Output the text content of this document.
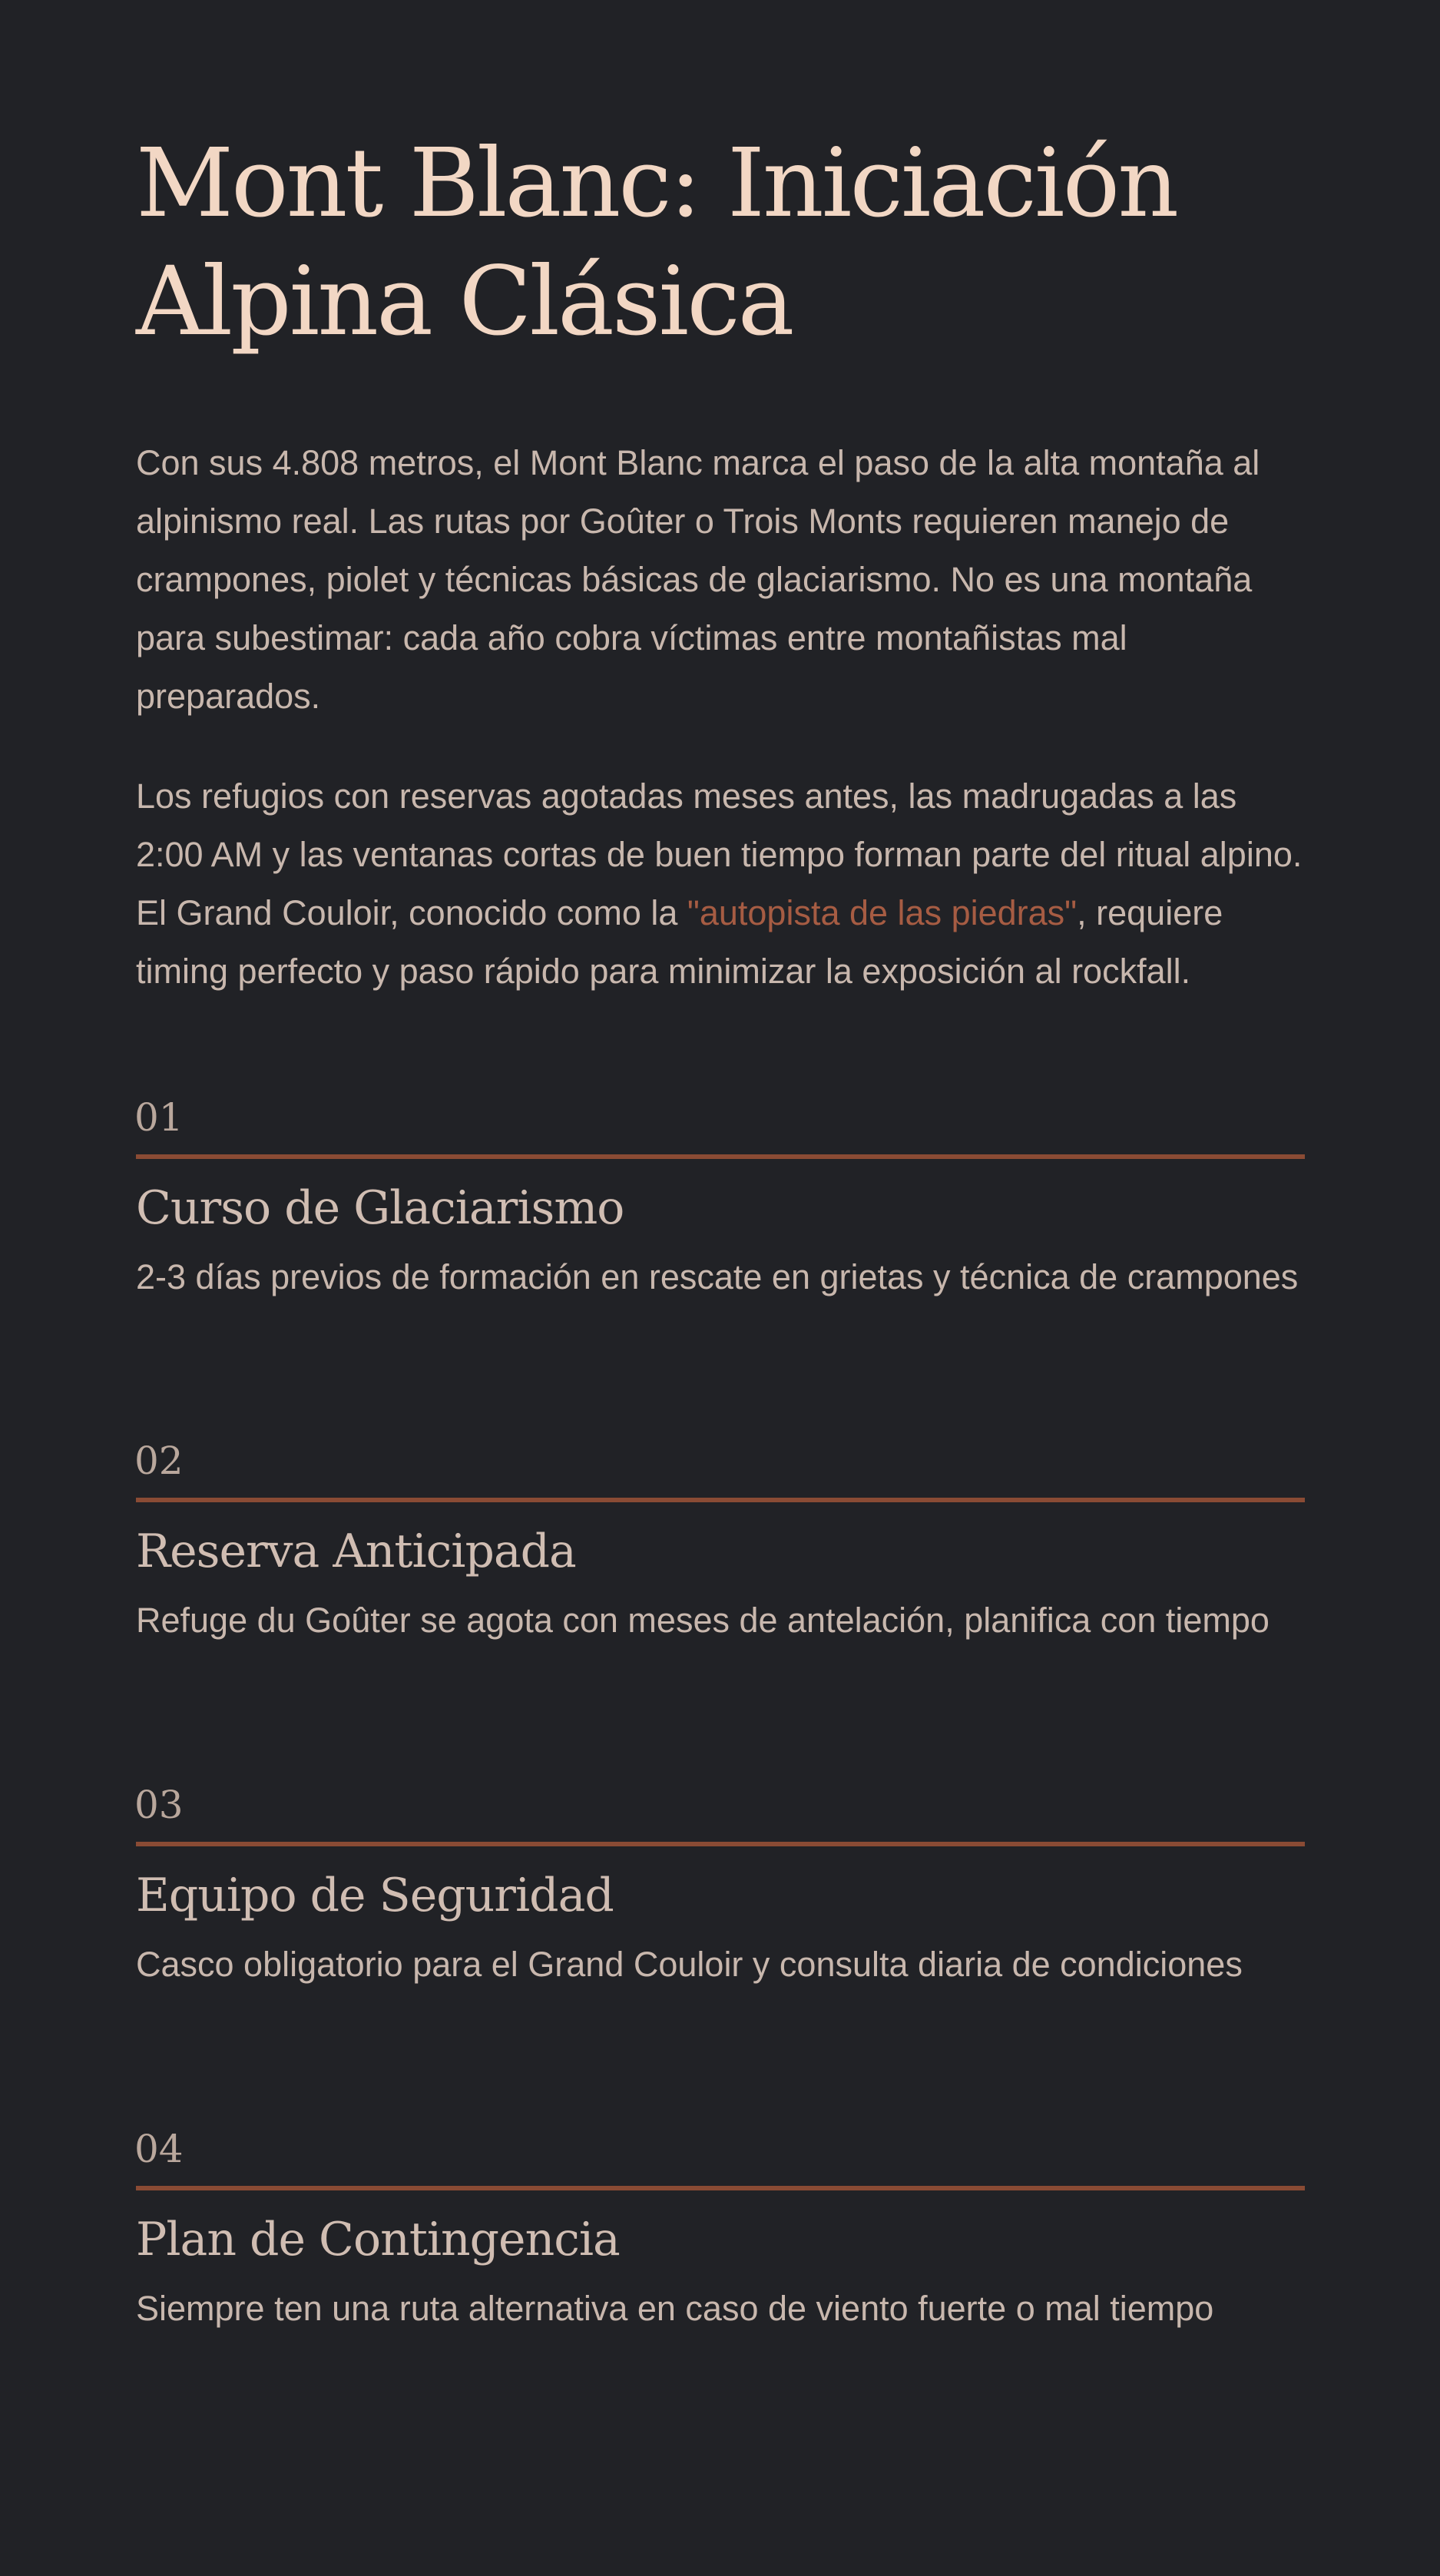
Mont Blanc: Iniciación Alpina Clásica

Con sus 4.808 metros, el Mont Blanc marca el paso de la alta montaña al alpinismo real. Las rutas por Goûter o Trois Monts requieren manejo de crampones, piolet y técnicas básicas de glaciarismo. No es una montaña para subestimar: cada año cobra víctimas entre montañistas mal preparados.

Los refugios con reservas agotadas meses antes, las madrugadas a las 2:00 AM y las ventanas cortas de buen tiempo forman parte del ritual alpino. El Grand Couloir, conocido como la "autopista de las piedras", requiere timing perfecto y paso rápido para minimizar la exposición al rockfall.

01
Curso de Glaciarismo

2-3 días previos de formación en rescate en grietas y técnica de crampones

02
Reserva Anticipada

Refuge du Goûter se agota con meses de antelación, planifica con tiempo

03
Equipo de Seguridad

Casco obligatorio para el Grand Couloir y consulta diaria de condiciones

04
Plan de Contingencia

Siempre ten una ruta alternativa en caso de viento fuerte o mal tiempo
